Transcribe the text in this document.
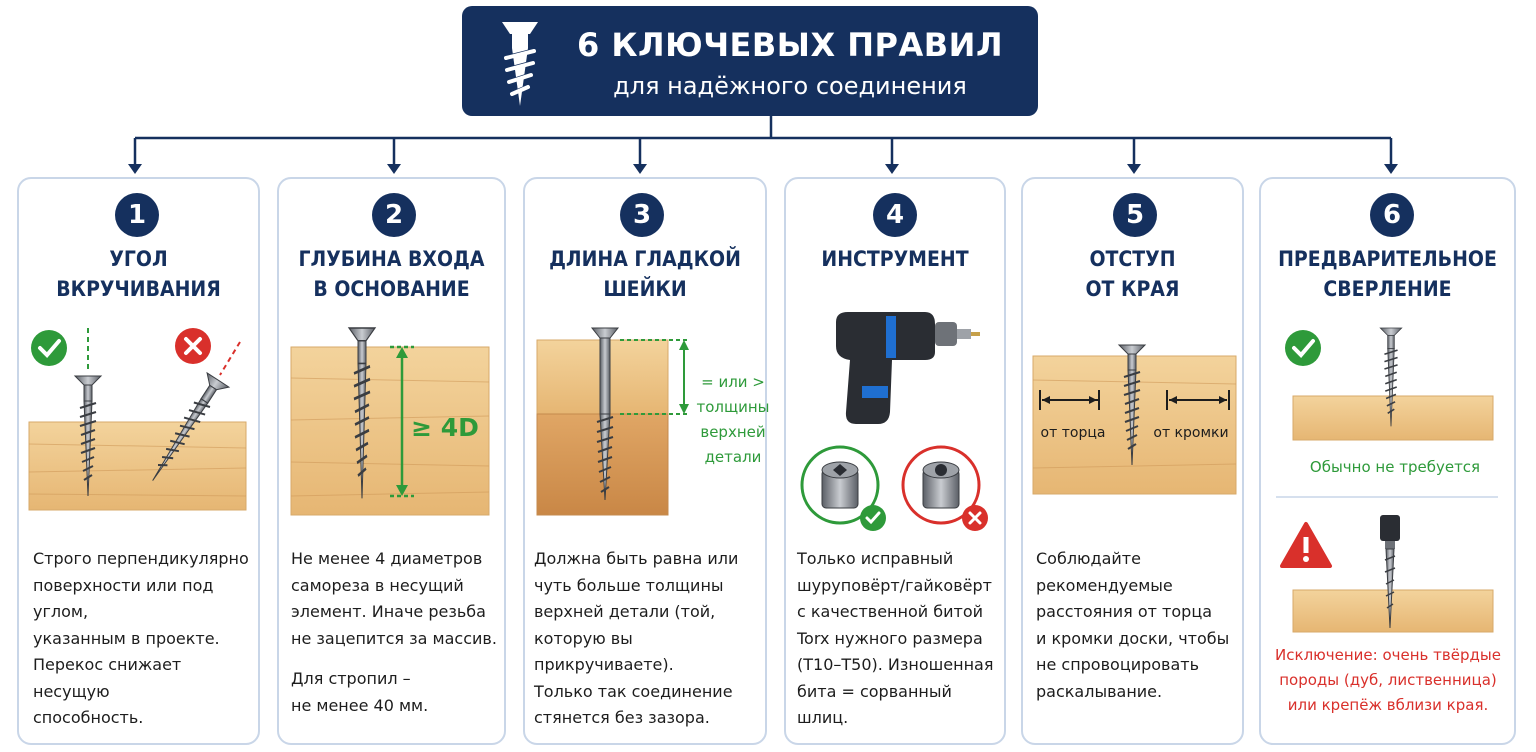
6 КЛЮЧЕВЫХ ПРАВИЛ
для надёжного соединения
1	2	3	4	5	6
УГОЛ
ВКРУЧИВАНИЯ
ГЛУБИНА ВХОДА
В ОСНОВАНИЕ
ДЛИНА ГЛАДКОЙ
ШЕЙКИ
ИНСТРУМЕНТ	ОТСТУП
ОТ КРАЯ
ПРЕДВАРИТЕЛЬНОЕ
СВЕРЛЕНИЕ
≥ 4D	от торца	от кромки
Обычно не требуется
= или >
толщины
верхней
детали
Строго перпендикулярно
поверхности или под углом,
указанным в проекте.
Перекос снижает несущую
способность.
Не менее 4 диаметров
самореза в несущий
элемент. Иначе резьба
не зацепится за массив.
Для стропил –
не менее 40 мм.
Должна быть равна или
чуть больше толщины
верхней детали (той,
которую вы прикручиваете).
Только так соединение
стянется без зазора.
Только исправный
шуруповёрт/гайковёрт
с качественной битой
Torx нужного размера
(T10–T50). Изношенная
бита = сорванный шлиц.
Соблюдайте
рекомендуемые
расстояния от торца
и кромки доски, чтобы
не спровоцировать
раскалывание.
Исключение: очень твёрдые
породы (дуб, лиственница)
или крепёж вблизи края.
